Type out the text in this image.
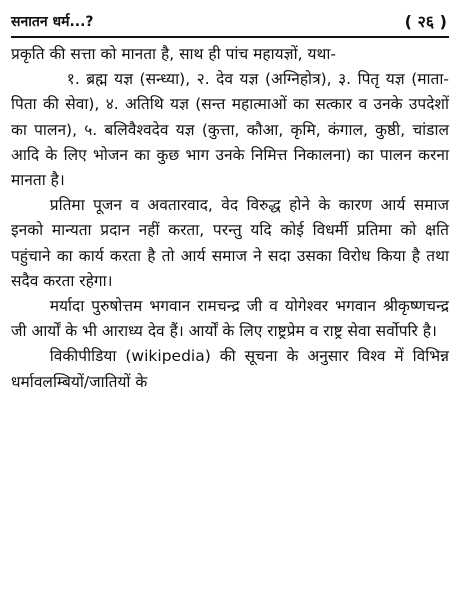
सनातन धर्म...?	( २६ )

प्रकृति की सत्ता को मानता है, साथ ही पांच महायज्ञों, यथा-

१. ब्रह्म यज्ञ (सन्ध्या), २. देव यज्ञ (अग्निहोत्र), ३. पितृ यज्ञ (माता-पिता की सेवा), ४. अतिथि यज्ञ (सन्त महात्माओं का सत्कार व उनके उपदेशों का पालन), ५. बलिवैश्वदेव यज्ञ (कुत्ता, कौआ, कृमि, कंगाल, कुष्ठी, चांडाल आदि के लिए भोजन का कुछ भाग उनके निमित्त निकालना) का पालन करना मानता है।

प्रतिमा पूजन व अवतारवाद, वेद विरुद्ध होने के कारण आर्य समाज इनको मान्यता प्रदान नहीं करता, परन्तु यदि कोई विधर्मी प्रतिमा को क्षति पहुंचाने का कार्य करता है तो आर्य समाज ने सदा उसका विरोध किया है तथा सदैव करता रहेगा।

मर्यादा पुरुषोत्तम भगवान रामचन्द्र जी व योगेश्वर भगवान श्रीकृष्णचन्द्र जी आर्यों के भी आराध्य देव हैं। आर्यों के लिए राष्ट्रप्रेम व राष्ट्र सेवा सर्वोपरि है।

विकीपीडिया (wikipedia) की सूचना के अनुसार विश्व में विभिन्न धर्मावलम्बियों/जातियों के
